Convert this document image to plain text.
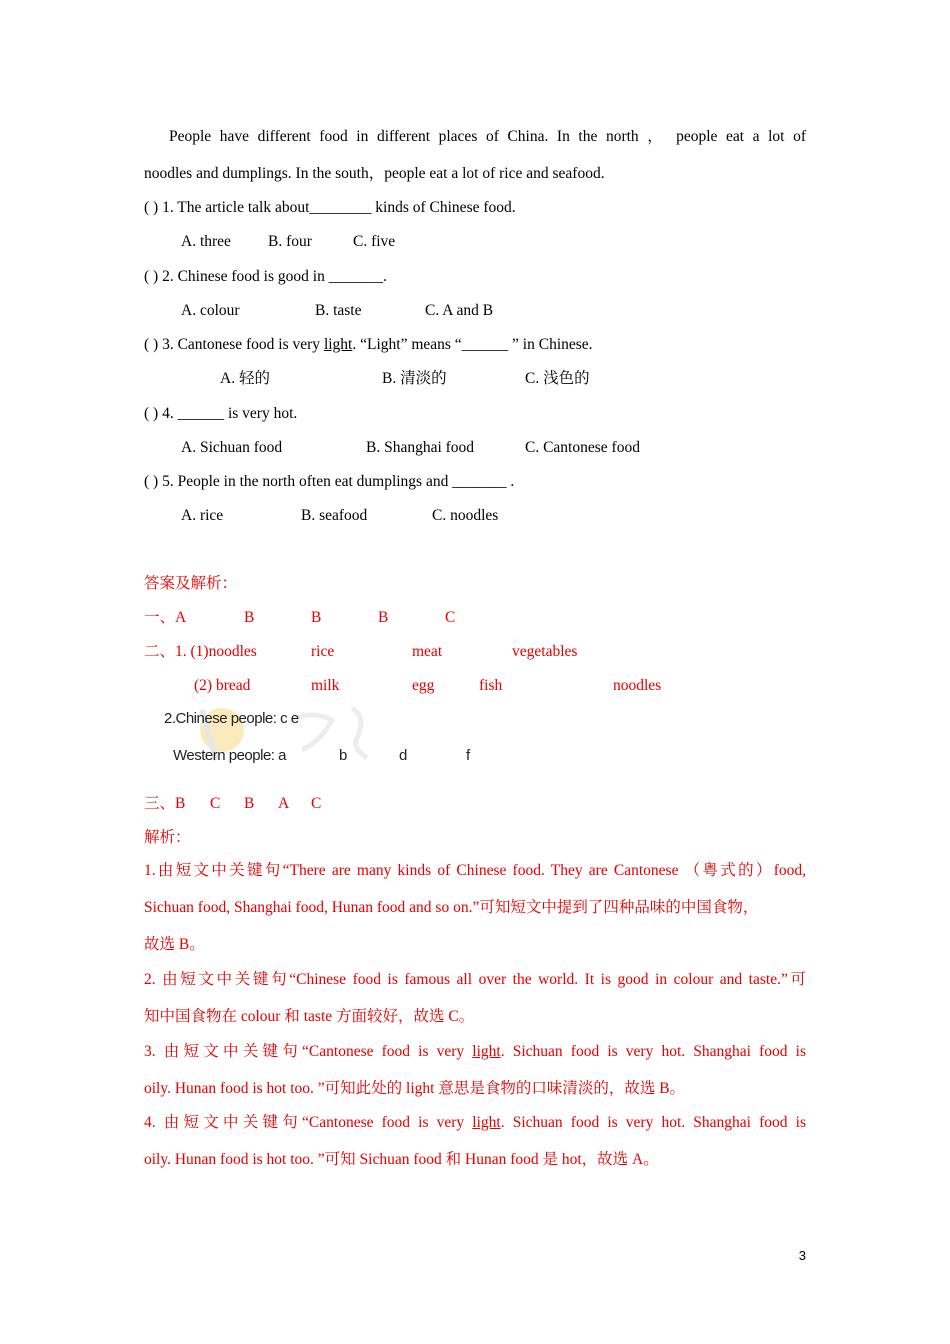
People have different food in different places of China. In the north ， people eat a lot of
noodles and dumplings. In the south，people eat a lot of rice and seafood.
( ) 1. The article talk about________ kinds of Chinese food.
A. three B. four	C. five
( ) 2. Chinese food is good in _______.
A. colour	B. taste	C. A and B
( ) 3. Cantonese food is very light. “Light” means “______ ” in Chinese.
A. 轻的	B. 清淡的	C. 浅色的
( ) 4. ______ is very hot.
A. Sichuan food	B. Shanghai food	C. Cantonese food
( ) 5. People in the north often eat dumplings and _______ .
A. rice	B. seafood	C. noodles
答案及解析：
一、A	B	B	B	C
二、1. (1)noodles	rice	meat	vegetables
(2) bread	milk	egg	fish	noodles
2.Chinese people: c e
Western people: a	b	d	f
三、B C B A C
解析：
1.由短文中关键句“There are many kinds of Chinese food. They are Cantonese （粤式的）food,
Sichuan food, Shanghai food, Hunan food and so on.”可知短文中提到了四种品味的中国食物，
故选 B。
2. 由短文中关键句“Chinese food is famous all over the world. It is good in colour and taste.”可
知中国食物在 colour 和 taste 方面较好，故选 C。
3. 由短文中关键句“Cantonese food is very light. Sichuan food is very hot. Shanghai food is
oily. Hunan food is hot too. ”可知此处的 light 意思是食物的口味清淡的，故选 B。
4. 由短文中关键句“Cantonese food is very light. Sichuan food is very hot. Shanghai food is
oily. Hunan food is hot too. ”可知 Sichuan food 和 Hunan food 是 hot，故选 A。
3
